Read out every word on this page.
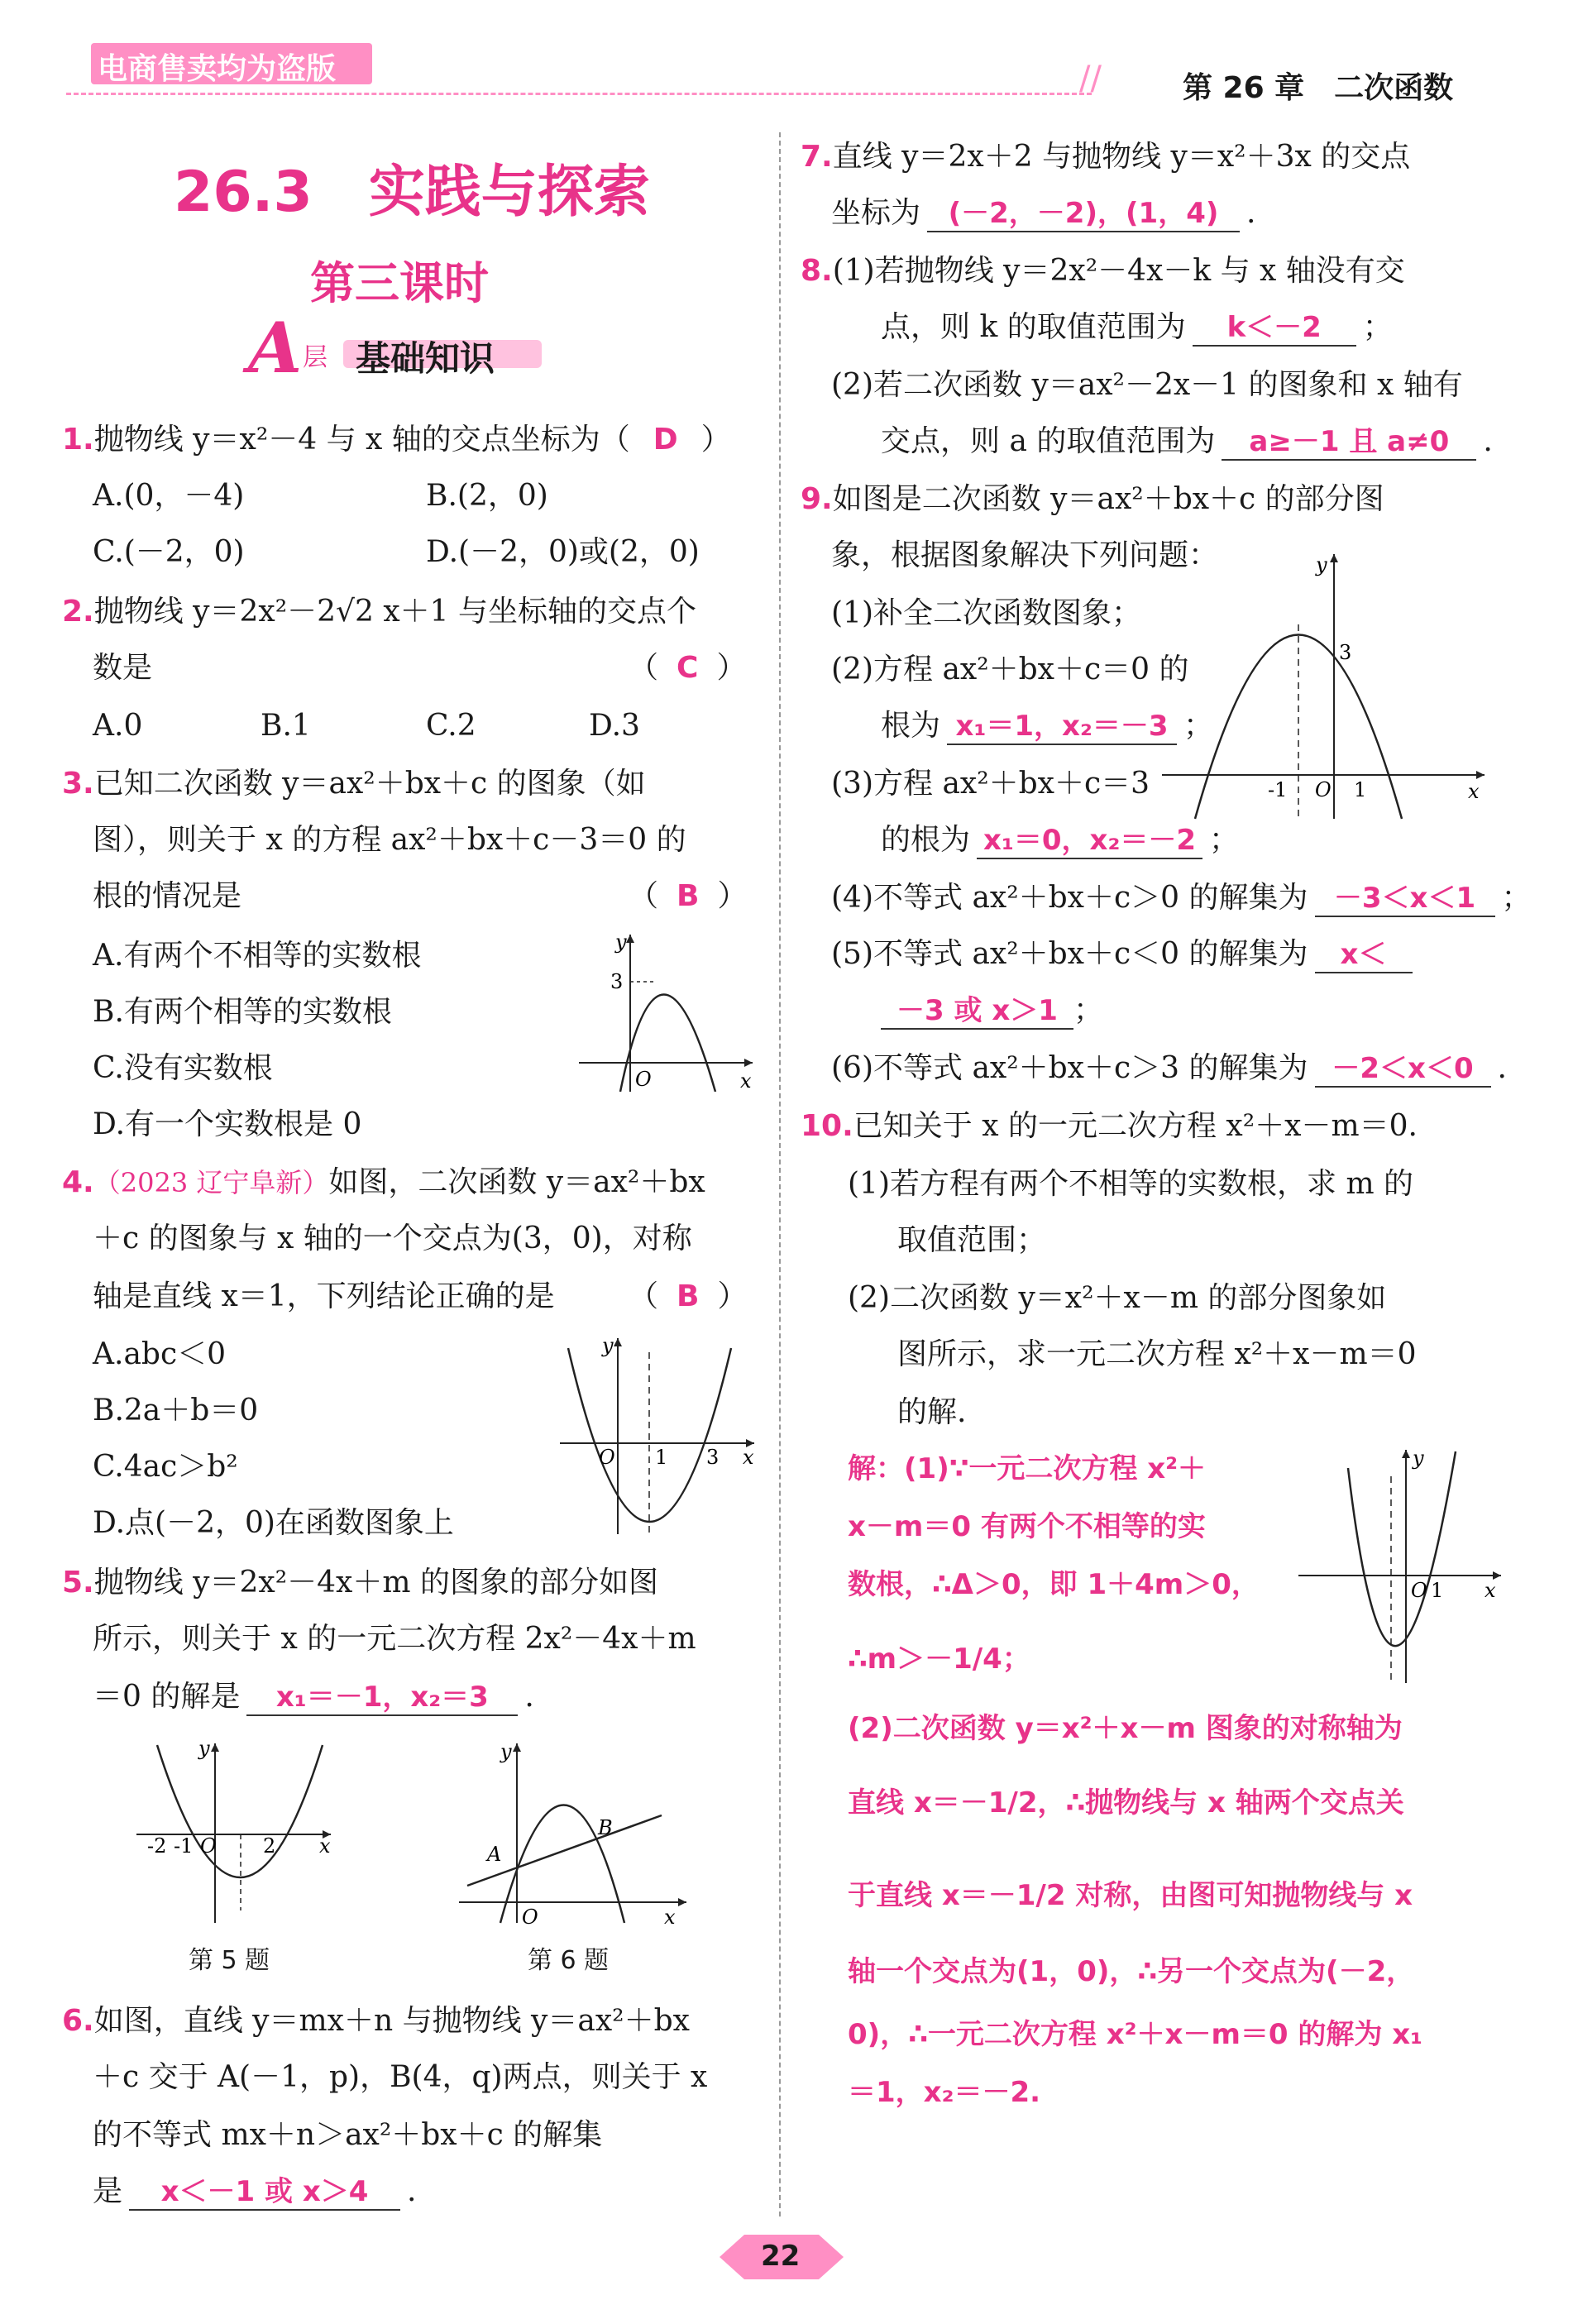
电商售卖均为盗版	//	第 26 章　二次函数
26.3　实践与探索
第三课时
A 层 基础知识
1.抛物线 y＝x²－4 与 x 轴的交点坐标为（ D ）
A.(0，－4)	B.(2，0)
C.(－2，0)	D.(－2，0)或(2，0)
2.抛物线 y＝2x²－2√2 x＋1 与坐标轴的交点个
数是	（ C ）
A.0	B.1	C.2	D.3
3.已知二次函数 y＝ax²＋bx＋c 的图象（如
图），则关于 x 的方程 ax²＋bx＋c－3＝0 的
根的情况是	（ B ）
A.有两个不相等的实数根
B.有两个相等的实数根
C.没有实数根
D.有一个实数根是 0
y
x
O
3
4.（2023 辽宁阜新）如图，二次函数 y＝ax²＋bx
＋c 的图象与 x 轴的一个交点为(3，0)，对称
轴是直线 x＝1，下列结论正确的是 （ B ）
A.abc＜0
B.2a＋b＝0
C.4ac＞b²
D.点(－2，0)在函数图象上
y
x
O 1 3
5.抛物线 y＝2x²－4x＋m 的图象的部分如图
所示，则关于 x 的一元二次方程 2x²－4x＋m
＝0 的解是 x₁＝－1，x₂＝3 .
y
x
O
-2 -1	2
第 5 题
y
x
O
A
B
第 6 题
6.如图，直线 y＝mx＋n 与抛物线 y＝ax²＋bx
＋c 交于 A(－1，p)，B(4，q)两点，则关于 x
的不等式 mx＋n＞ax²＋bx＋c 的解集
是 x＜－1 或 x＞4 .
7.直线 y＝2x＋2 与抛物线 y＝x²＋3x 的交点
坐标为 (－2，－2)，(1，4) .
8.(1)若抛物线 y＝2x²－4x－k 与 x 轴没有交
点，则 k 的取值范围为 k＜－2 ；
(2)若二次函数 y＝ax²－2x－1 的图象和 x 轴有
交点，则 a 的取值范围为 a≥－1 且 a≠0 .
9.如图是二次函数 y＝ax²＋bx＋c 的部分图
象，根据图象解决下列问题：
(1)补全二次函数图象；
(2)方程 ax²＋bx＋c＝0 的
根为 x₁＝1，x₂＝－3 ；
(3)方程 ax²＋bx＋c＝3
的根为 x₁＝0，x₂＝－2 ；
y
x
O
-1	1
3
(4)不等式 ax²＋bx＋c＞0 的解集为 －3＜x＜1 ；
(5)不等式 ax²＋bx＋c＜0 的解集为 x＜
－3 或 x＞1 ；
(6)不等式 ax²＋bx＋c＞3 的解集为 －2＜x＜0 .
10.已知关于 x 的一元二次方程 x²＋x－m＝0.
(1)若方程有两个不相等的实数根，求 m 的
取值范围；
(2)二次函数 y＝x²＋x－m 的部分图象如
图所示，求一元二次方程 x²＋x－m＝0
的解.
解：(1)∵一元二次方程 x²＋
x－m＝0 有两个不相等的实
数根，∴Δ＞0，即 1＋4m＞0，
∴m＞－1/4；
y
x
O 1
(2)二次函数 y＝x²＋x－m 图象的对称轴为
直线 x＝－1/2，∴抛物线与 x 轴两个交点关
于直线 x＝－1/2 对称，由图可知抛物线与 x
轴一个交点为(1，0)，∴另一个交点为(－2，
0)，∴一元二次方程 x²＋x－m＝0 的解为 x₁
＝1，x₂＝－2.
22
